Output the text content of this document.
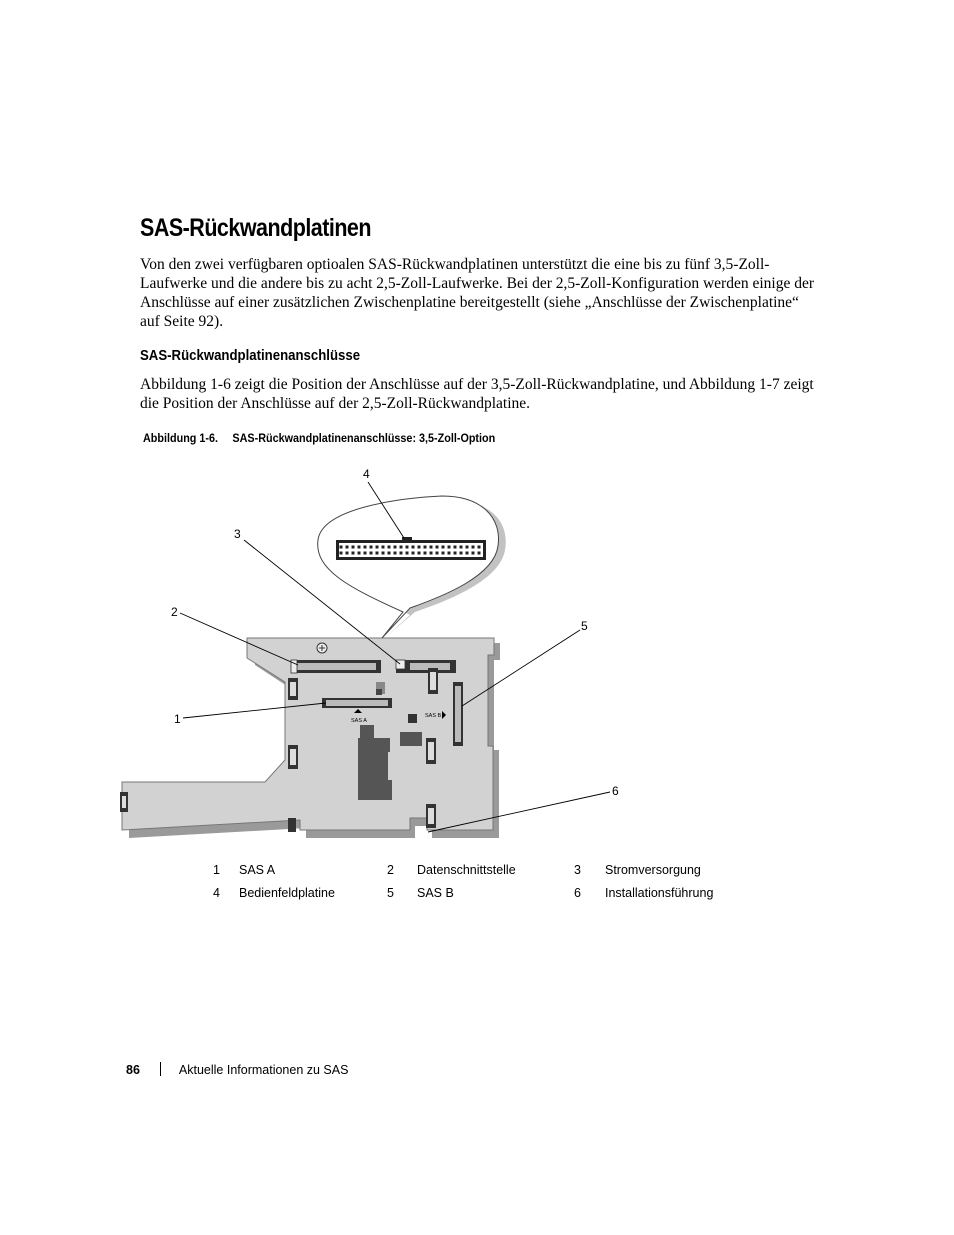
SAS-Rückwandplatinen

Von den zwei verfügbaren optioalen SAS-Rückwandplatinen unterstützt die eine bis zu fünf 3,5-Zoll-Laufwerke und die andere bis zu acht 2,5-Zoll-Laufwerke. Bei der 2,5-Zoll-Konfiguration werden einige der Anschlüsse auf einer zusätzlichen Zwischenplatine bereitgestellt (siehe „Anschlüsse der Zwischenplatine“ auf Seite 92).

SAS-Rückwandplatinenanschlüsse

Abbildung 1-6 zeigt die Position der Anschlüsse auf der 3,5-Zoll-Rückwandplatine, und Abbildung 1-7 zeigt die Position der Anschlüsse auf der 2,5-Zoll-Rückwandplatine.

Abbildung 1-6. SAS-Rückwandplatinenanschlüsse: 3,5-Zoll-Option
SAS A
SAS B
4
3
2
1
5
6
1 SAS A	2 Datenschnittstelle	3 Stromversorgung
4 Bedienfeldplatine	5 SAS B	6 Installationsführung
86	Aktuelle Informationen zu SAS
